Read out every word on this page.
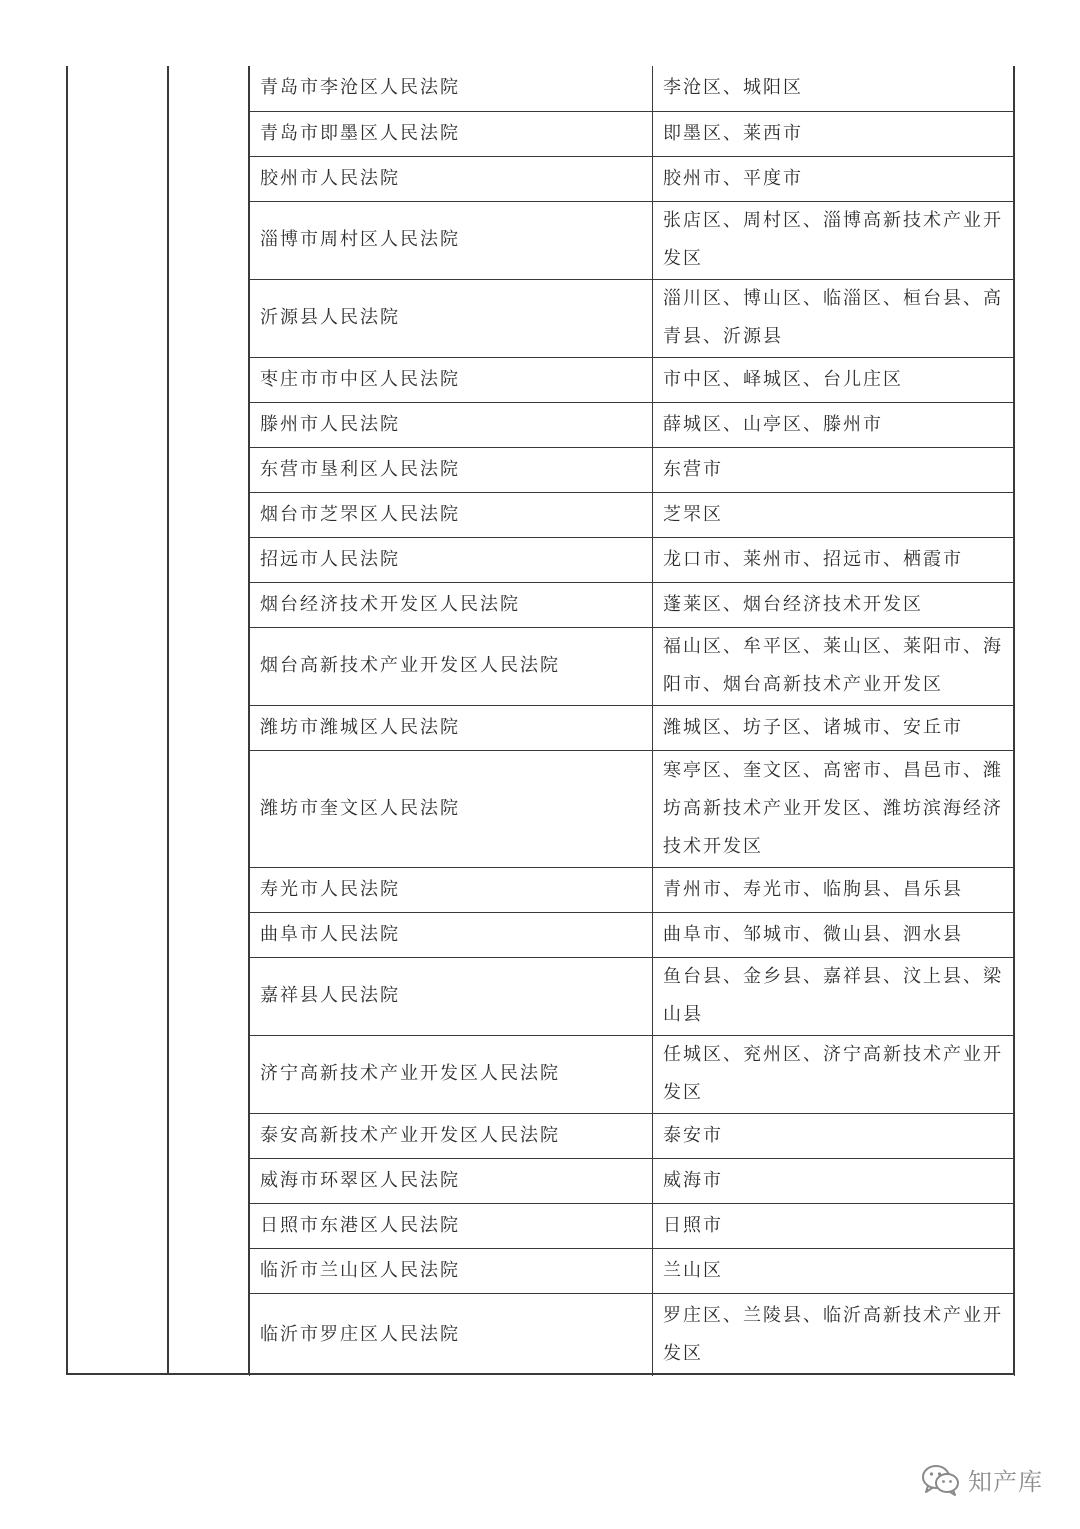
青岛市李沧区人民法院	李沧区、城阳区
青岛市即墨区人民法院	即墨区、莱西市
胶州市人民法院	胶州市、平度市
淄博市周村区人民法院	张店区、周村区、淄博高新技术产业开发区
沂源县人民法院	淄川区、博山区、临淄区、桓台县、高青县、沂源县
枣庄市市中区人民法院	市中区、峄城区、台儿庄区
滕州市人民法院	薛城区、山亭区、滕州市
东营市垦利区人民法院	东营市
烟台市芝罘区人民法院	芝罘区
招远市人民法院	龙口市、莱州市、招远市、栖霞市
烟台经济技术开发区人民法院	蓬莱区、烟台经济技术开发区
烟台高新技术产业开发区人民法院	福山区、牟平区、莱山区、莱阳市、海阳市、烟台高新技术产业开发区
潍坊市潍城区人民法院	潍城区、坊子区、诸城市、安丘市
潍坊市奎文区人民法院	寒亭区、奎文区、高密市、昌邑市、潍坊高新技术产业开发区、潍坊滨海经济技术开发区
寿光市人民法院	青州市、寿光市、临朐县、昌乐县
曲阜市人民法院	曲阜市、邹城市、微山县、泗水县
嘉祥县人民法院	鱼台县、金乡县、嘉祥县、汶上县、梁山县
济宁高新技术产业开发区人民法院	任城区、兖州区、济宁高新技术产业开发区
泰安高新技术产业开发区人民法院	泰安市
威海市环翠区人民法院	威海市
日照市东港区人民法院	日照市
临沂市兰山区人民法院	兰山区
临沂市罗庄区人民法院	罗庄区、兰陵县、临沂高新技术产业开发区
知产库
